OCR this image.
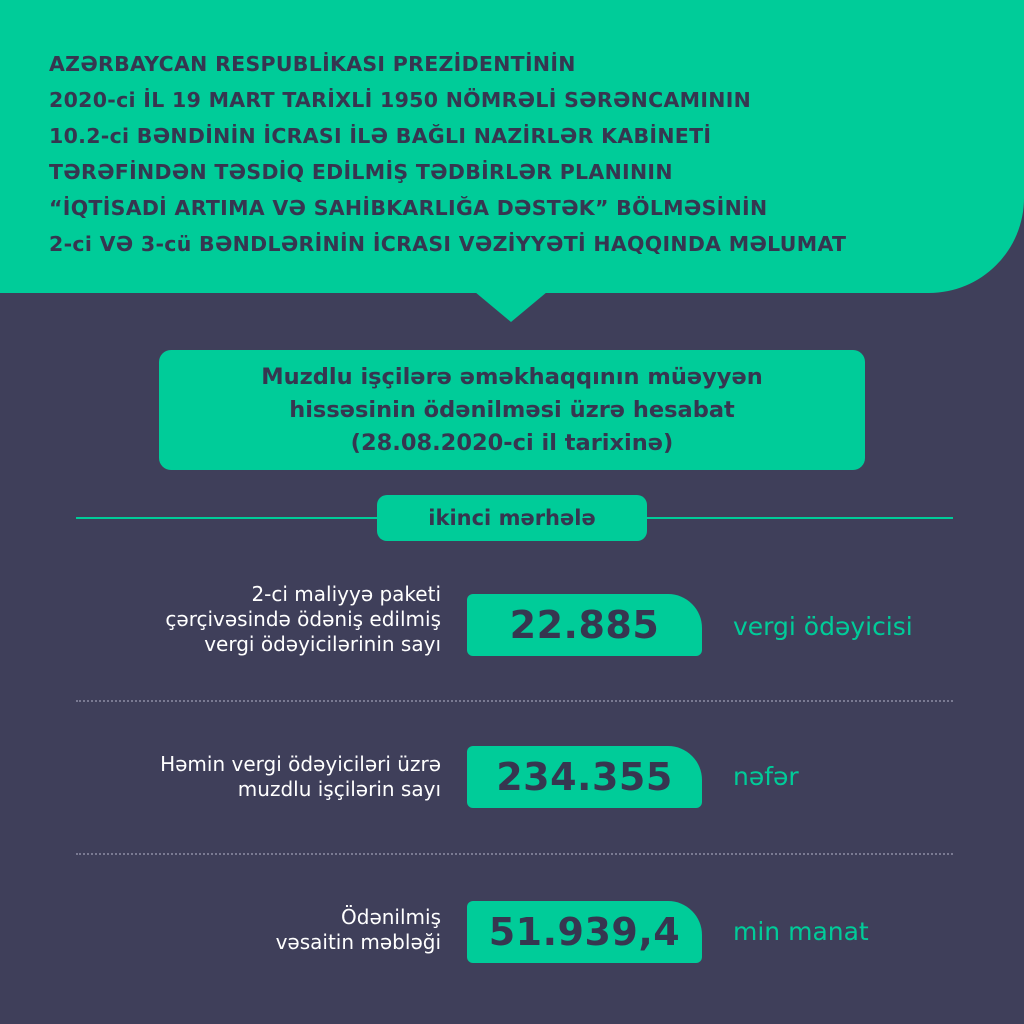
AZƏRBAYCAN RESPUBLİKASI PREZİDENTİNİN
2020-ci İL 19 MART TARİXLİ 1950 NÖMRƏLİ SƏRƏNCAMININ
10.2-ci BƏNDİNİN İCRASI İLƏ BAĞLI NAZİRLƏR KABİNETİ
TƏRƏFİNDƏN TƏSDİQ EDİLMİŞ TƏDBİRLƏR PLANININ
“İQTİSADİ ARTIMA VƏ SAHİBKARLIĞA DƏSTƏK” BÖLMƏSİNİN
2-ci VƏ 3-cü BƏNDLƏRİNİN İCRASI VƏZİYYƏTİ HAQQINDA MƏLUMAT
Muzdlu işçilərə əməkhaqqının müəyyən
hissəsinin ödənilməsi üzrə hesabat
(28.08.2020-ci il tarixinə)
ikinci mərhələ
2-ci maliyyə paketi
çərçivəsində ödəniş edilmiş
vergi ödəyicilərinin sayı 22.885	vergi ödəyicisi
Həmin vergi ödəyiciləri üzrə
muzdlu işçilərin sayı 234.355 nəfər
Ödənilmiş
vəsaitin məbləği 51.939,4 min manat
